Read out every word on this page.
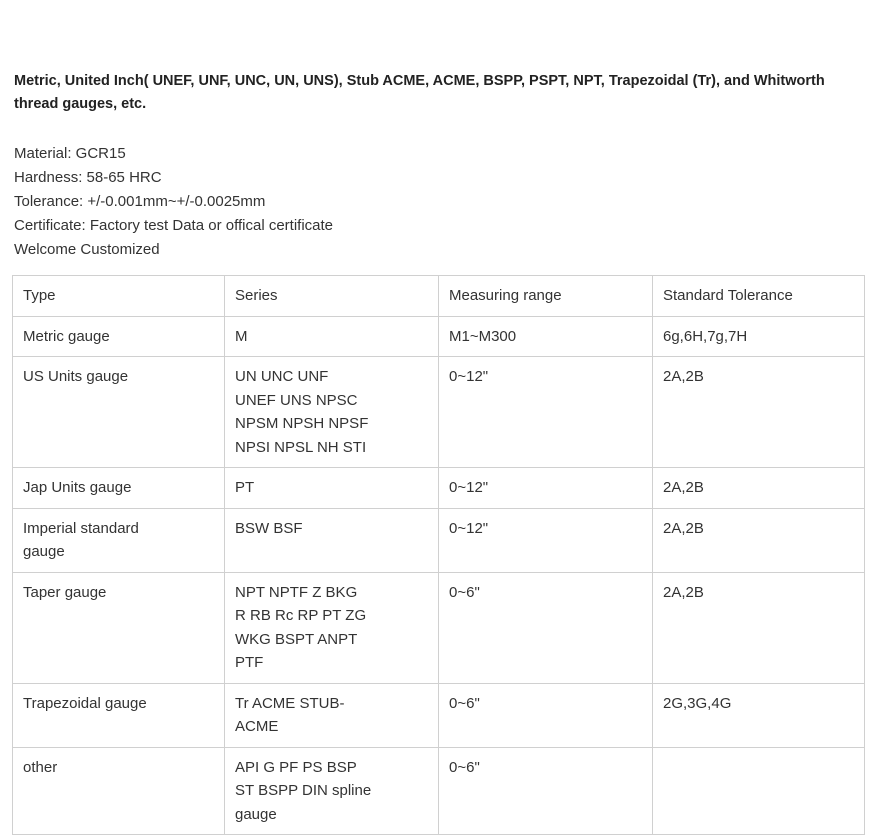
Metric, United Inch( UNEF, UNF, UNC, UN, UNS), Stub ACME, ACME, BSPP, PSPT, NPT, Trapezoidal (Tr), and Whitworth thread gauges, etc.

Material: GCR15
Hardness: 58-65 HRC
Tolerance: +/-0.001mm~+/-0.0025mm
Certificate: Factory test Data or offical certificate
Welcome Customized
Type	Series	Measuring range	Standard Tolerance
Metric gauge	M	M1~M300	6g,6H,7g,7H
US Units gauge	UN UNC UNF
UNEF UNS NPSC
NPSM NPSH NPSF
NPSI NPSL NH STI	0~12"	2A,2B
Jap Units gauge	PT	0~12"	2A,2B
Imperial standard
gauge	BSW BSF	0~12"	2A,2B
Taper gauge	NPT NPTF Z BKG
R RB Rc RP PT ZG
WKG BSPT ANPT
PTF	0~6"	2A,2B
Trapezoidal gauge	Tr ACME STUB-
ACME	0~6"	2G,3G,4G
other	API G PF PS BSP
ST BSPP DIN spline
gauge	0~6"	
